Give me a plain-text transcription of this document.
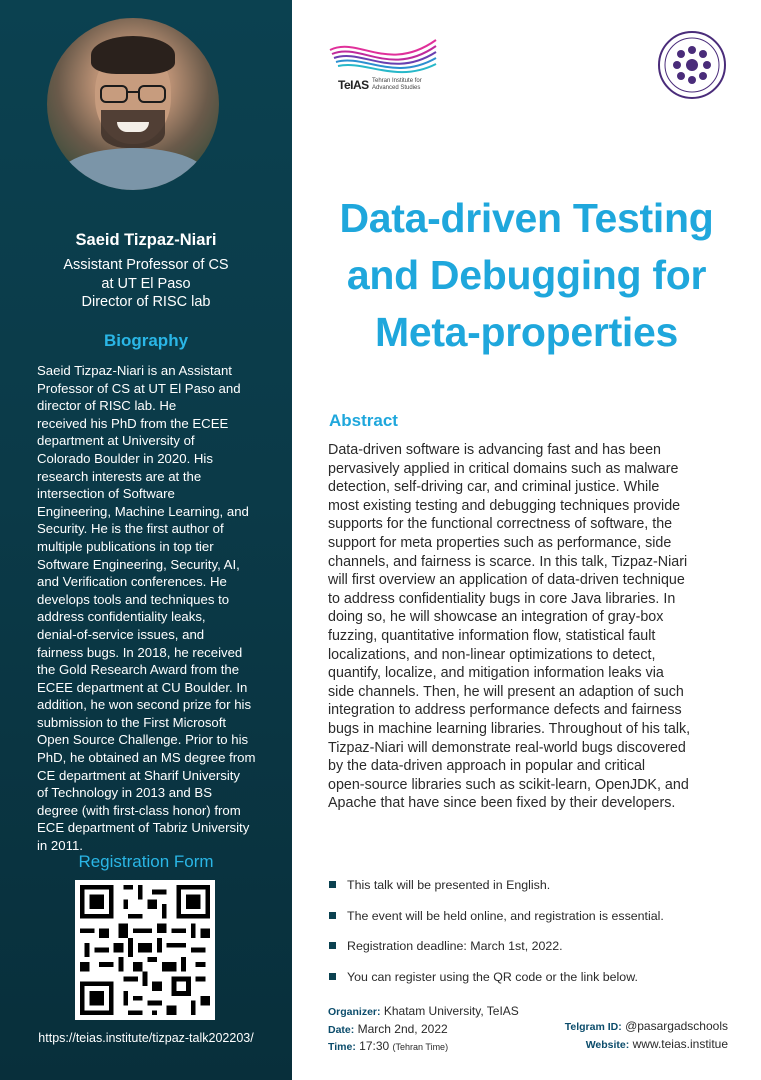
Saeid Tizpaz-Niari
Assistant Professor of CS
at UT El Paso
Director of RISC lab
Biography
Saeid Tizpaz-Niari is an Assistant
Professor of CS at UT El Paso and
director of RISC lab. He
received his PhD from the ECEE
department at University of
Colorado Boulder in 2020. His
research interests are at the
intersection of Software
Engineering, Machine Learning, and
Security. He is the first author of
multiple publications in top tier
Software Engineering, Security, AI,
and Verification conferences. He
develops tools and techniques to
address confidentiality leaks,
denial-of-service issues, and
fairness bugs. In 2018, he received
the Gold Research Award from the
ECEE department at CU Boulder. In
addition, he won second prize for his
submission to the First Microsoft
Open Source Challenge. Prior to his
PhD, he obtained an MS degree from
CE department at Sharif University
of Technology in 2013 and BS
degree (with first-class honor) from
ECE department of Tabriz University
in 2011.
Registration Form
https://teias.institute/tizpaz-talk202203/
TeIAS Tehran Institute for Advanced Studies
Data-driven Testing
and Debugging for
Meta-properties
Abstract
Data-driven software is advancing fast and has been
pervasively applied in critical domains such as malware
detection, self-driving car, and criminal justice. While
most existing testing and debugging techniques provide
supports for the functional correctness of software, the
support for meta properties such as performance, side
channels, and fairness is scarce. In this talk, Tizpaz-Niari
will first overview an application of data-driven technique
to address confidentiality bugs in core Java libraries. In
doing so, he will showcase an integration of gray-box
fuzzing, quantitative information flow, statistical fault
localizations, and non-linear optimizations to detect,
quantify, localize, and mitigation information leaks via
side channels. Then, he will present an adaption of such
integration to address performance defects and fairness
bugs in machine learning libraries. Throughout of his talk,
Tizpaz-Niari will demonstrate real-world bugs discovered
by the data-driven approach in popular and critical
open-source libraries such as scikit-learn, OpenJDK, and
Apache that have since been fixed by their developers.
This talk will be presented in English.
The event will be held online, and registration is essential.
Registration deadline: March 1st, 2022.
You can register using the QR code or the link below.
Organizer: Khatam University, TeIAS
Date: March 2nd, 2022
Time: 17:30 (Tehran Time)
Telgram ID: @pasargadschools
Website: www.teias.institue
